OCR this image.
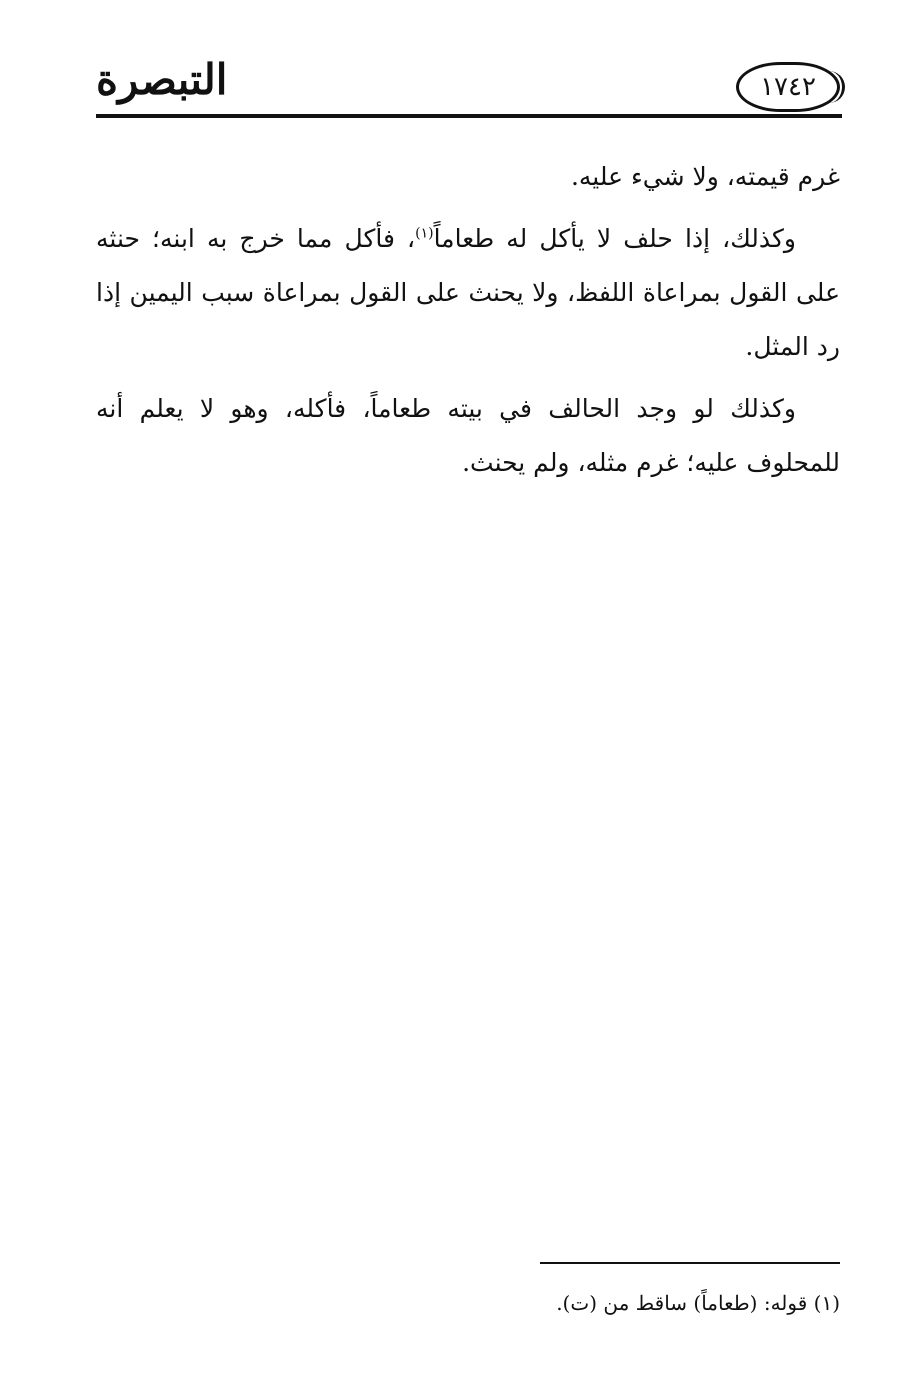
التبصرة	١٧٤٢

غرم قيمته، ولا شيء عليه.

وكذلك، إذا حلف لا يأكل له طعاماً$^{(١)}$، فأكل مما خرج به ابنه؛ حنثه على القول بمراعاة اللفظ، ولا يحنث على القول بمراعاة سبب اليمين إذا رد المثل.

وكذلك لو وجد الحالف في بيته طعاماً، فأكله، وهو لا يعلم أنه للمحلوف عليه؛ غرم مثله، ولم يحنث.

(١) قوله: (طعاماً) ساقط من (ت).
